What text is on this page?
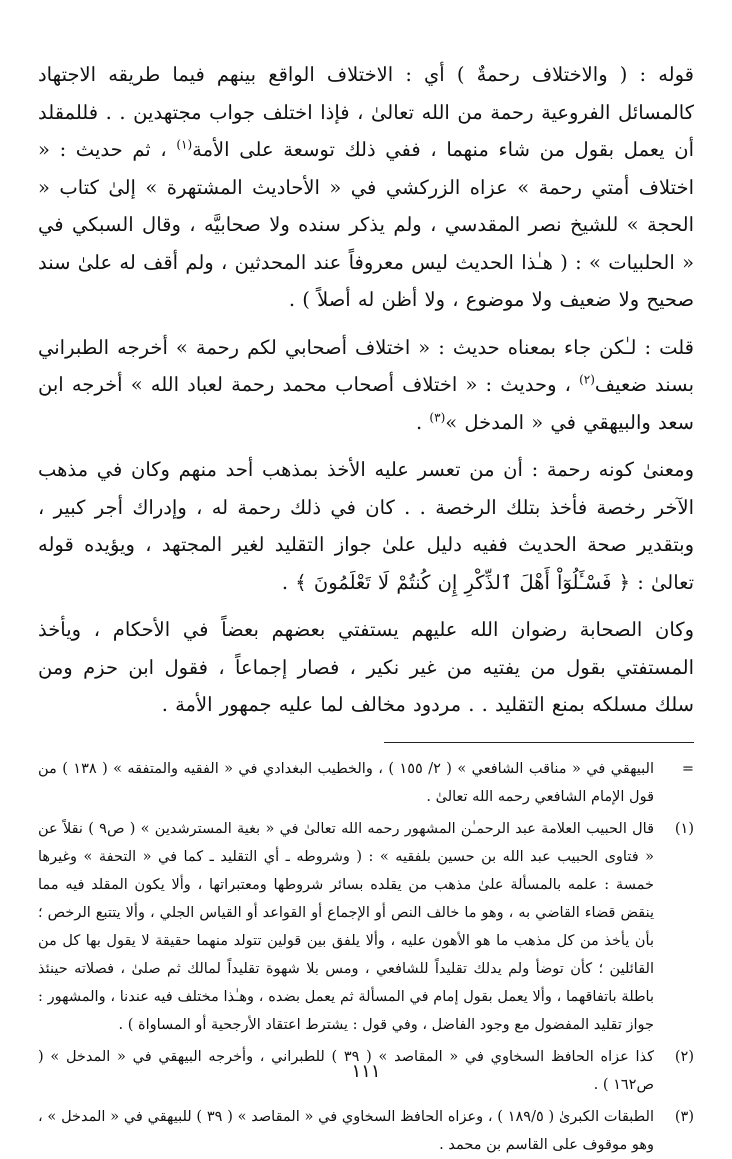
قوله : ( والاختلاف رحمةٌ ) أي : الاختلاف الواقع بينهم فيما طريقه الاجتهاد كالمسائل الفروعية رحمة من الله تعالىٰ ، فإذا اختلف جواب مجتهدين . . فللمقلد أن يعمل بقول من شاء منهما ، ففي ذلك توسعة على الأمة$^{(١)}$ ، ثم حديث : « اختلاف أمتي رحمة » عزاه الزركشي في « الأحاديث المشتهرة » إلىٰ كتاب « الحجة » للشيخ نصر المقدسي ، ولم يذكر سنده ولا صحابيَّه ، وقال السبكي في « الحلبيات » : ( هـٰذا الحديث ليس معروفاً عند المحدثين ، ولم أقف له علىٰ سند صحيح ولا ضعيف ولا موضوع ، ولا أظن له أصلاً ) .

قلت : لـٰكن جاء بمعناه حديث : « اختلاف أصحابي لكم رحمة » أخرجه الطبراني بسند ضعيف$^{(٢)}$ ، وحديث : « اختلاف أصحاب محمد رحمة لعباد الله » أخرجه ابن سعد والبيهقي في « المدخل »$^{(٣)}$ .

ومعنىٰ كونه رحمة : أن من تعسر عليه الأخذ بمذهب أحد منهم وكان في مذهب الآخر رخصة فأخذ بتلك الرخصة . . كان في ذلك رحمة له ، وإدراك أجر كبير ، وبتقدير صحة الحديث ففيه دليل علىٰ جواز التقليد لغير المجتهد ، ويؤيده قوله تعالىٰ : ﴿ فَسْـَٔلُوٓاْ أَهْلَ ٱلذِّكْرِ إِن كُنتُمْ لَا تَعْلَمُونَ ﴾ .

وكان الصحابة رضوان الله عليهم يستفتي بعضهم بعضاً في الأحكام ، ويأخذ المستفتي بقول من يفتيه من غير نكير ، فصار إجماعاً ، فقول ابن حزم ومن سلك مسلكه بمنع التقليد . . مردود مخالف لما عليه جمهور الأمة .

=
البيهقي في « مناقب الشافعي » ( ٢/ ١٥٥ ) ، والخطيب البغدادي في « الفقيه والمتفقه » ( ١٣٨ ) من قول الإمام الشافعي رحمه الله تعالىٰ .
(١)
قال الحبيب العلامة عبد الرحمـٰن المشهور رحمه الله تعالىٰ في « بغية المسترشدين » ( ص٩ ) نقلاً عن « فتاوى الحبيب عبد الله بن حسين بلفقيه » : ( وشروطه ـ أي التقليد ـ كما في « التحفة » وغيرها خمسة : علمه بالمسألة علىٰ مذهب من يقلده بسائر شروطها ومعتبراتها ، وألا يكون المقلد فيه مما ينقض قضاء القاضي به ، وهو ما خالف النص أو الإجماع أو القواعد أو القياس الجلي ، وألا يتتبع الرخص ؛ بأن يأخذ من كل مذهب ما هو الأهون عليه ، وألا يلفق بين قولين تتولد منهما حقيقة لا يقول بها كل من القائلين ؛ كأن توضأ ولم يدلك تقليداً للشافعي ، ومس بلا شهوة تقليداً لمالك ثم صلىٰ ، فصلاته حينئذ باطلة باتفاقهما ، وألا يعمل بقول إمام في المسألة ثم يعمل بضده ، وهـٰذا مختلف فيه عندنا ، والمشهور : جواز تقليد المفضول مع وجود الفاضل ، وفي قول : يشترط اعتقاد الأرجحية أو المساواة ) .
(٢)
كذا عزاه الحافظ السخاوي في « المقاصد » ( ٣٩ ) للطبراني ، وأخرجه البيهقي في « المدخل » ( ص١٦٢ ) .
(٣)
الطبقات الكبرىٰ ( ١٨٩/٥ ) ، وعزاه الحافظ السخاوي في « المقاصد » ( ٣٩ ) للبيهقي في « المدخل » ، وهو موقوف على القاسم بن محمد .
١١١
